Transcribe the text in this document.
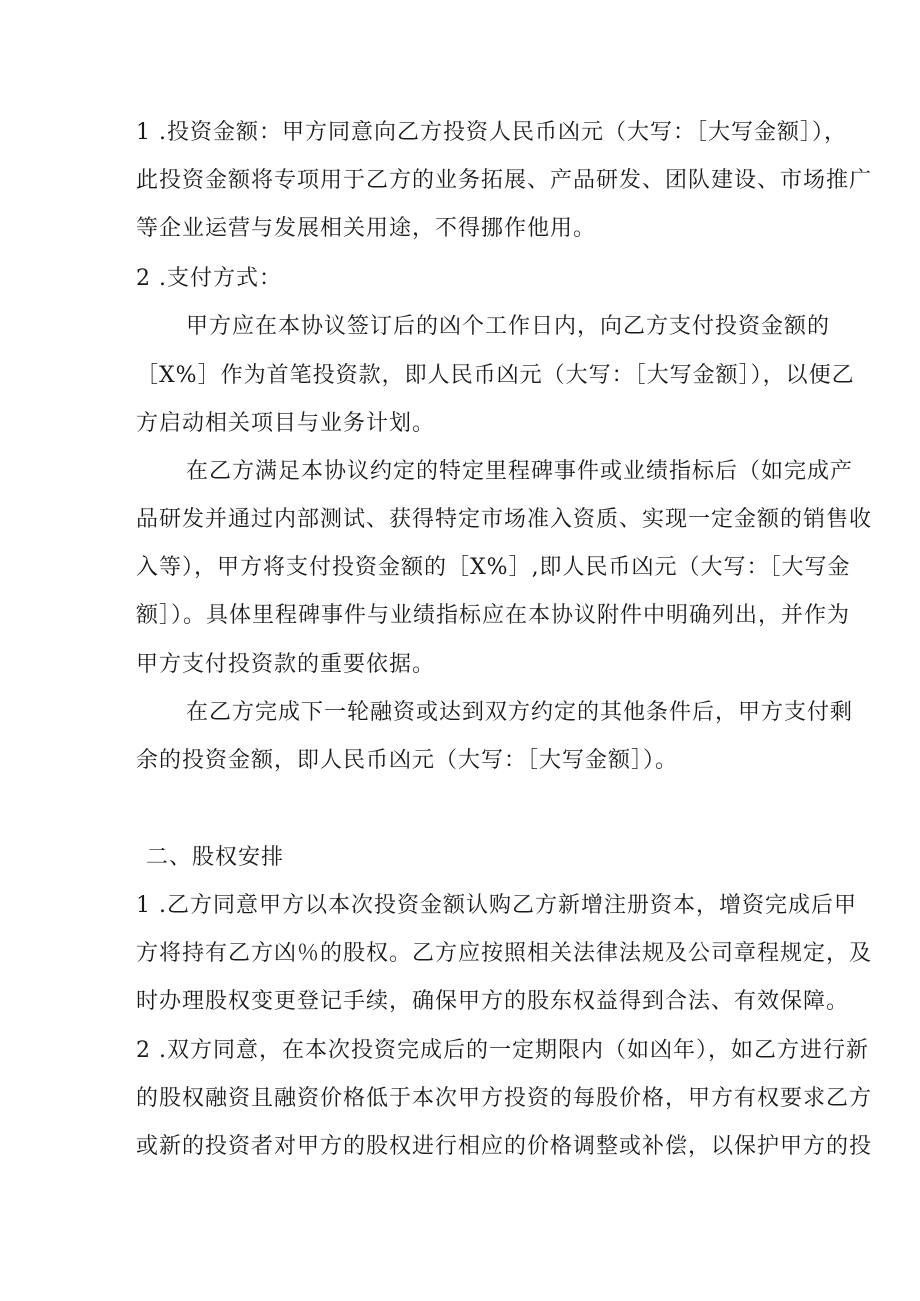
1 .投资金额：甲方同意向乙方投资人民币凶元（大写：［大写金额］），
此投资金额将专项用于乙方的业务拓展、产品研发、团队建设、市场推广
等企业运营与发展相关用途，不得挪作他用。
2 .支付方式：
甲方应在本协议签订后的凶个工作日内，向乙方支付投资金额的
［X%］作为首笔投资款，即人民币凶元（大写：［大写金额］），以便乙
方启动相关项目与业务计划。
在乙方满足本协议约定的特定里程碑事件或业绩指标后（如完成产
品研发并通过内部测试、获得特定市场准入资质、实现一定金额的销售收
入等），甲方将支付投资金额的［X%］,即人民币凶元（大写：［大写金
额］）。具体里程碑事件与业绩指标应在本协议附件中明确列出，并作为
甲方支付投资款的重要依据。
在乙方完成下一轮融资或达到双方约定的其他条件后，甲方支付剩
余的投资金额，即人民币凶元（大写：［大写金额］）。
二、股权安排
1 .乙方同意甲方以本次投资金额认购乙方新增注册资本，增资完成后甲
方将持有乙方凶％的股权。乙方应按照相关法律法规及公司章程规定，及
时办理股权变更登记手续，确保甲方的股东权益得到合法、有效保障。
2 .双方同意，在本次投资完成后的一定期限内（如凶年），如乙方进行新
的股权融资且融资价格低于本次甲方投资的每股价格，甲方有权要求乙方
或新的投资者对甲方的股权进行相应的价格调整或补偿，以保护甲方的投
